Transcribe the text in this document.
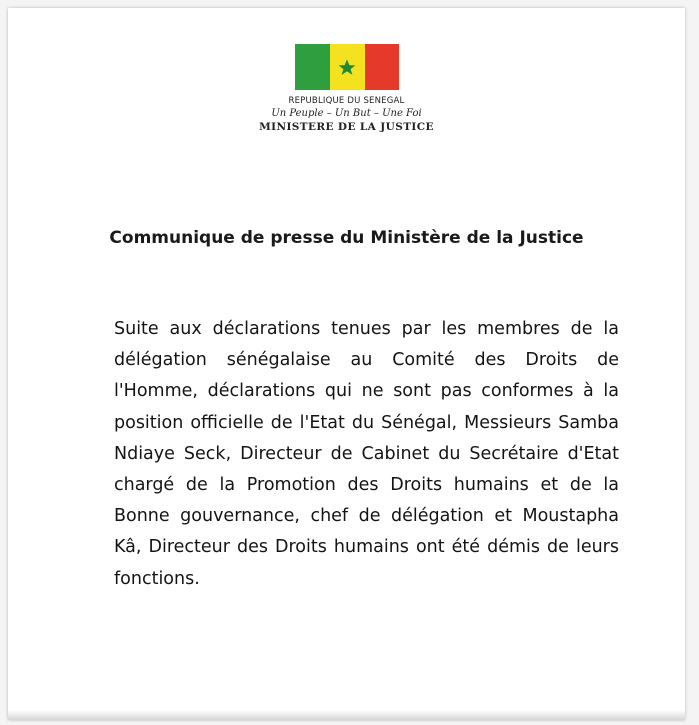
REPUBLIQUE DU SENEGAL
Un Peuple – Un But – Une Foi
MINISTERE DE LA JUSTICE
Communique de presse du Ministère de la Justice
Suite aux déclarations tenues par les membres de la délégation sénégalaise au Comité des Droits de l'Homme, déclarations qui ne sont pas conformes à la position officielle de l'Etat du Sénégal, Messieurs Samba Ndiaye Seck, Directeur de Cabinet du Secrétaire d'Etat chargé de la Promotion des Droits humains et de la Bonne gouvernance, chef de délégation et Moustapha Kâ, Directeur des Droits humains ont été démis de leurs fonctions.
